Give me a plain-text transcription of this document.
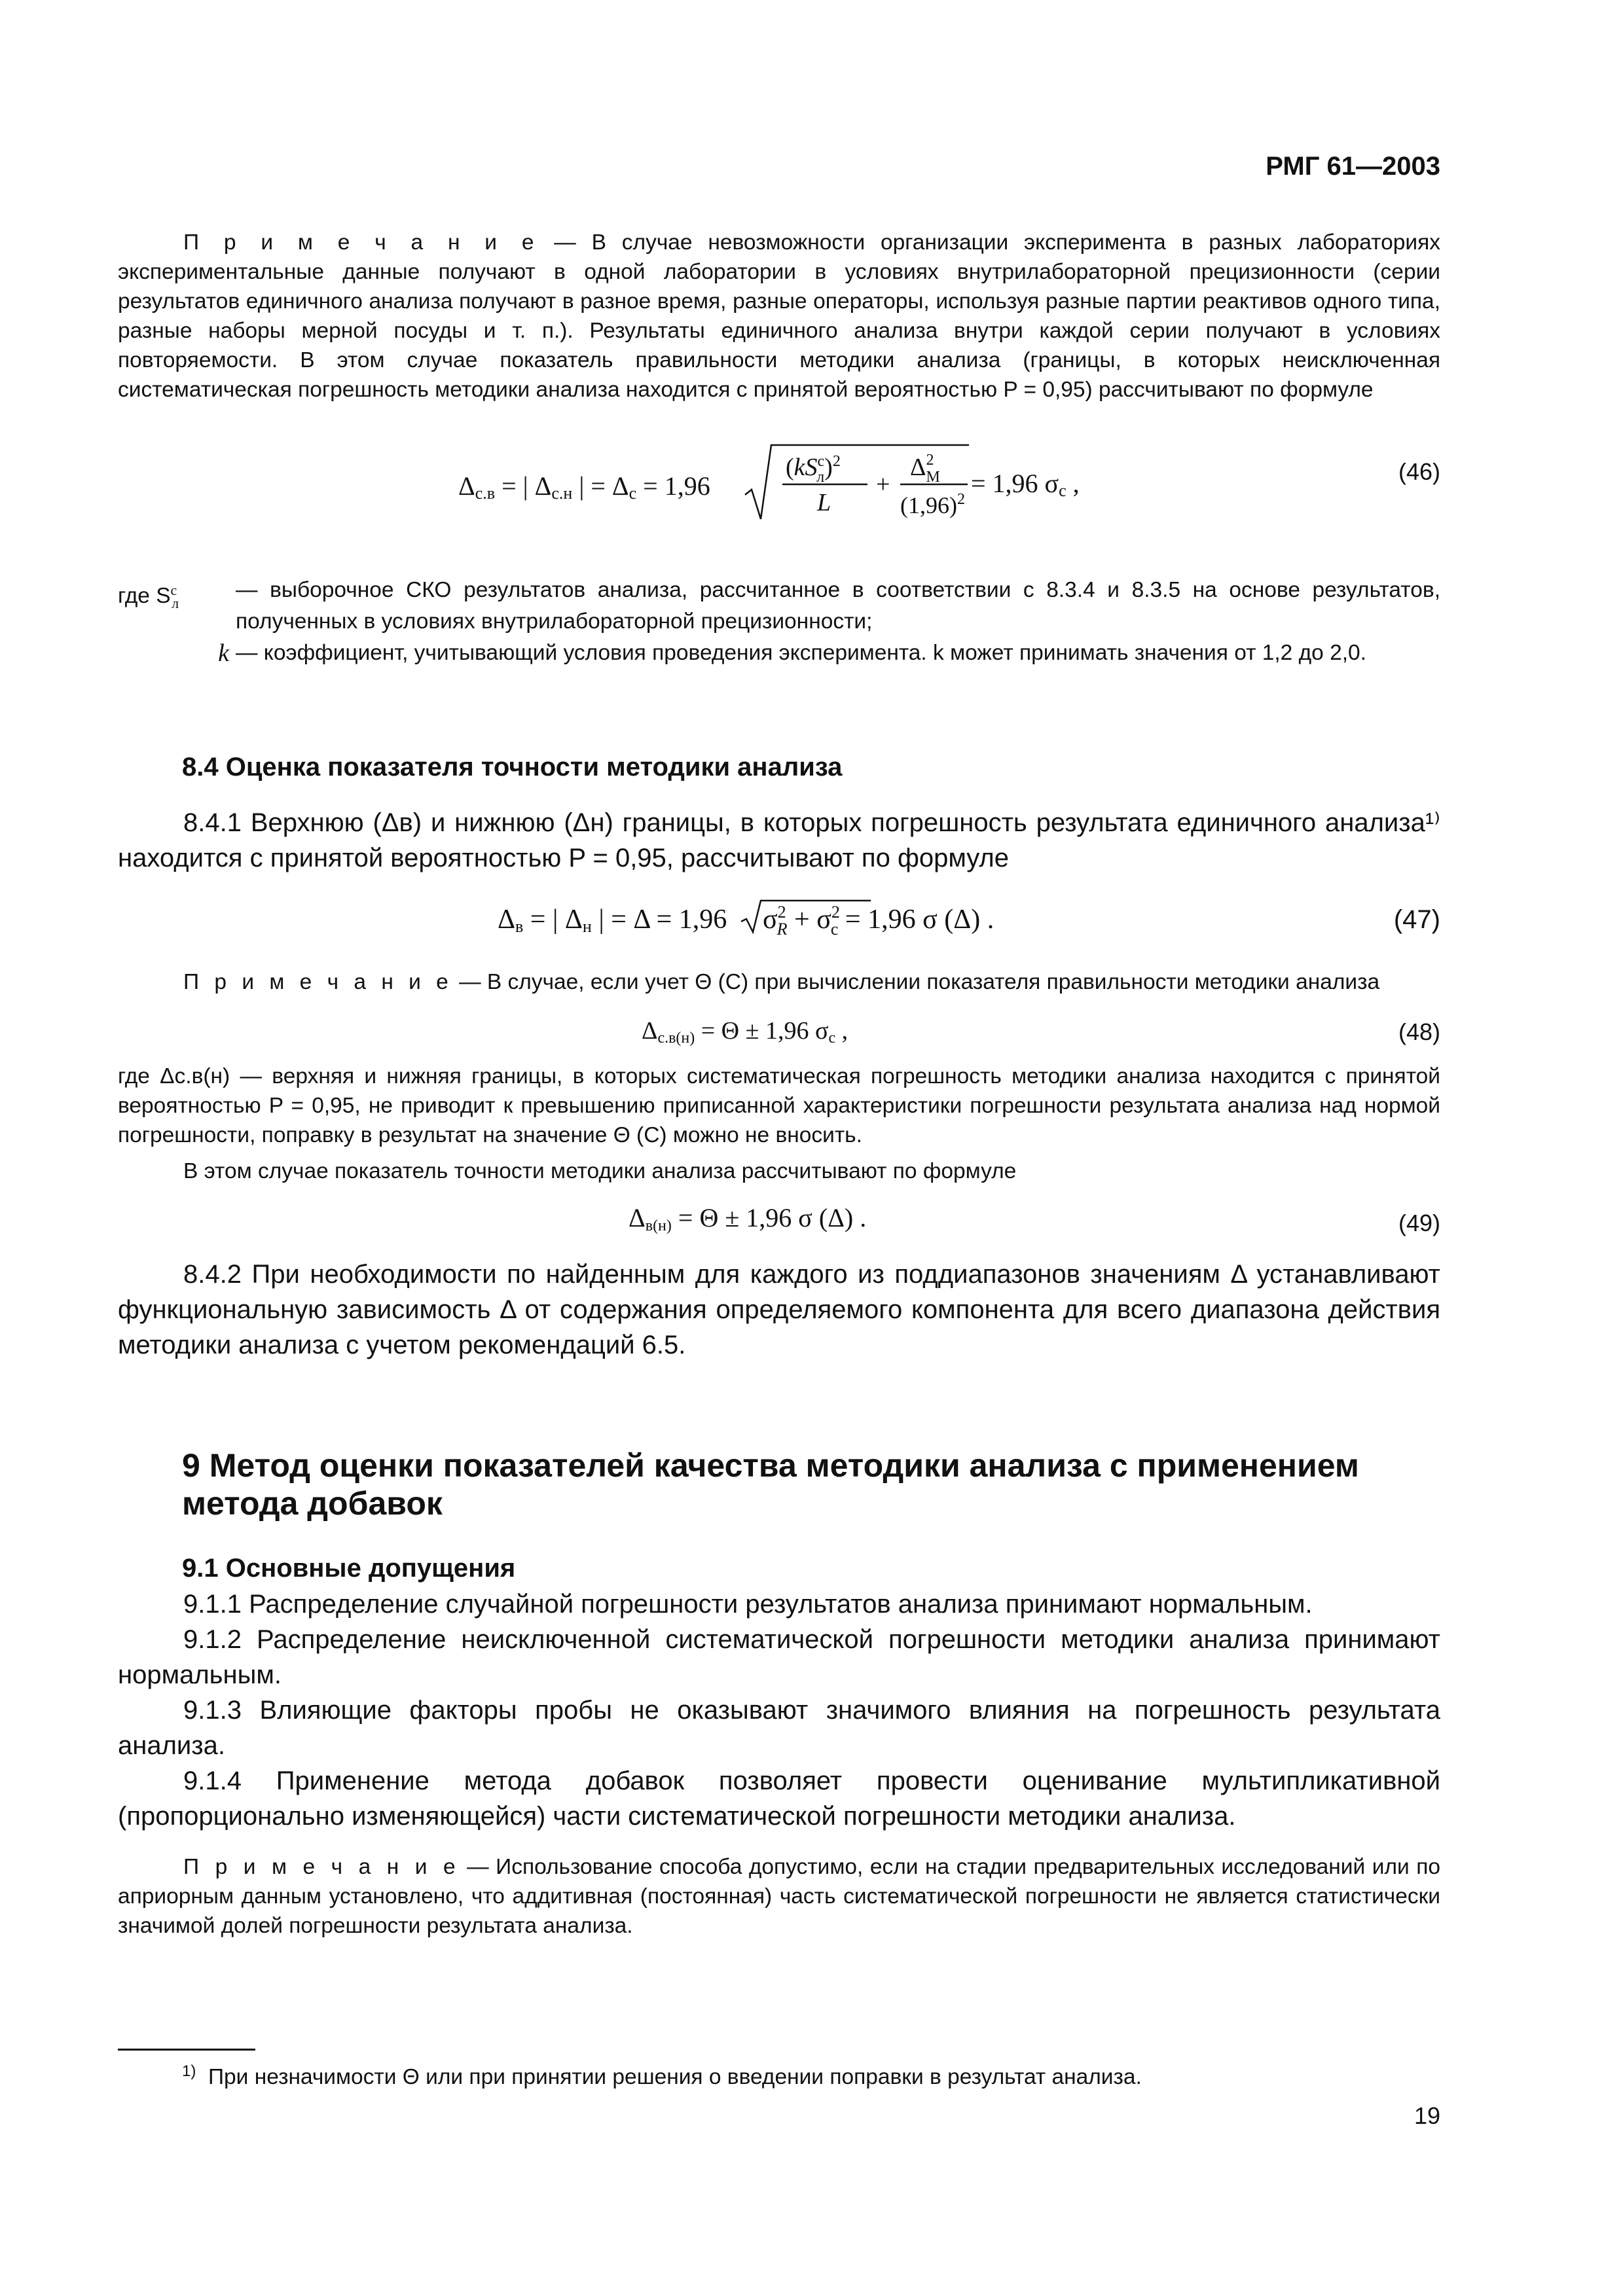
РМГ 61—2003

П р и м е ч а н и е — В случае невозможности организации эксперимента в разных лабораториях экспериментальные данные получают в одной лаборатории в условиях внутрилабораторной прецизионности (серии результатов единичного анализа получают в разное время, разные операторы, используя разные партии реактивов одного типа, разные наборы мерной посуды и т. п.). Результаты единичного анализа внутри каждой серии получают в условиях повторяемости. В этом случае показатель правильности методики анализа (границы, в которых неисключенная систематическая погрешность методики анализа находится с принятой вероятностью P = 0,95) рассчитывают по формуле

Δс.в = | Δс.н | = Δс = 1,96
($kS^с$ л)$^2$
L
+
$\Delta^2$ М
$(1,96)^2$
= 1,96 σс ,	(46)
где $S^с_л$
— выборочное СКО результатов анализа, рассчитанное в соответствии с 8.3.4 и 8.3.5 на основе результатов, полученных в условиях внутрилабораторной прецизионности;
k — коэффициент, учитывающий условия проведения эксперимента. k может принимать значения от 1,2 до 2,0.
8.4 Оценка показателя точности методики анализа

8.4.1 Верхнюю (Δв) и нижнюю (Δн) границы, в которых погрешность результата единичного анализа¹⁾ находится с принятой вероятностью P = 0,95, рассчитывают по формуле

Δв = | Δн | = Δ = 1,96 $\sigma^2$ $R + \sigma^2$ с = 1,96 σ (Δ) .	(47)

П р и м е ч а н и е — В случае, если учет Θ (C) при вычислении показателя правильности методики анализа

Δс.в(н) = Θ ± 1,96 σс ,	(48)

где Δс.в(н) — верхняя и нижняя границы, в которых систематическая погрешность методики анализа находится с принятой вероятностью P = 0,95, не приводит к превышению приписанной характеристики погрешности результата анализа над нормой погрешности, поправку в результат на значение Θ (C) можно не вносить.

В этом случае показатель точности методики анализа рассчитывают по формуле

Δв(н) = Θ ± 1,96 σ (Δ) .	(49)

8.4.2 При необходимости по найденным для каждого из поддиапазонов значениям Δ устанавливают функциональную зависимость Δ от содержания определяемого компонента для всего диапазона действия методики анализа с учетом рекомендаций 6.5.

9 Метод оценки показателей качества методики анализа с применением метода добавок
9.1 Основные допущения

9.1.1 Распределение случайной погрешности результатов анализа принимают нормальным.

9.1.2 Распределение неисключенной систематической погрешности методики анализа принимают нормальным.

9.1.3 Влияющие факторы пробы не оказывают значимого влияния на погрешность результата анализа.

9.1.4 Применение метода добавок позволяет провести оценивание мультипликативной (пропорционально изменяющейся) части систематической погрешности методики анализа.

П р и м е ч а н и е — Использование способа допустимо, если на стадии предварительных исследований или по априорным данным установлено, что аддитивная (постоянная) часть систематической погрешности не является статистически значимой долей погрешности результата анализа.

$^{1)}$ При незначимости Θ или при принятии решения о введении поправки в результат анализа.
19
